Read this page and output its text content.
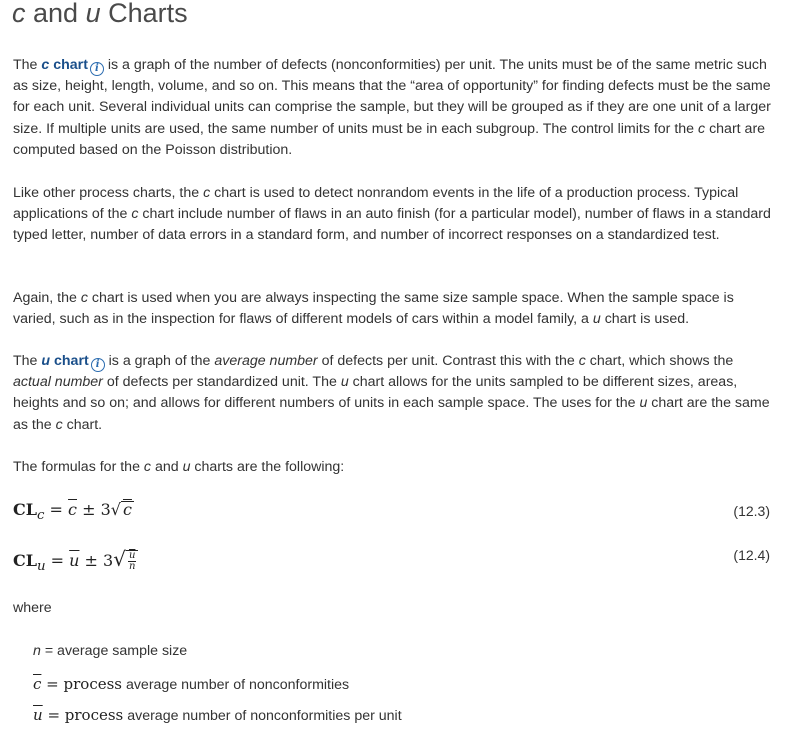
c and u Charts

The c chart i is a graph of the number of defects (nonconformities) per unit. The units must be of the same metric such as size, height, length, volume, and so on. This means that the “area of opportunity” for finding defects must be the same for each unit. Several individual units can comprise the sample, but they will be grouped as if they are one unit of a larger size. If multiple units are used, the same number of units must be in each subgroup. The control limits for the c chart are computed based on the Poisson distribution.

Like other process charts, the c chart is used to detect nonrandom events in the life of a production process. Typical applications of the c chart include number of flaws in an auto finish (for a particular model), number of flaws in a standard typed letter, number of data errors in a standard form, and number of incorrect responses on a standardized test.

Again, the c chart is used when you are always inspecting the same size sample space. When the sample space is varied, such as in the inspection for flaws of different models of cars within a model family, a u chart is used.

The u chart i is a graph of the average number of defects per unit. Contrast this with the c chart, which shows the actual number of defects per standardized unit. The u chart allows for the units sampled to be different sizes, areas, heights and so on; and allows for different numbers of units in each sample space. The uses for the u chart are the same as the c chart.

The formulas for the c and u charts are the following:

$CL_c = \overline{c} \pm 3√$ c	(12.3)
$CL_u = \overline{u} \pm 3√ \frac{u}{n}$	(12.4)
where
n = average sample size
$\overline{c}$ = process average number of nonconformities
$\overline{u}$ = process average number of nonconformities per unit
